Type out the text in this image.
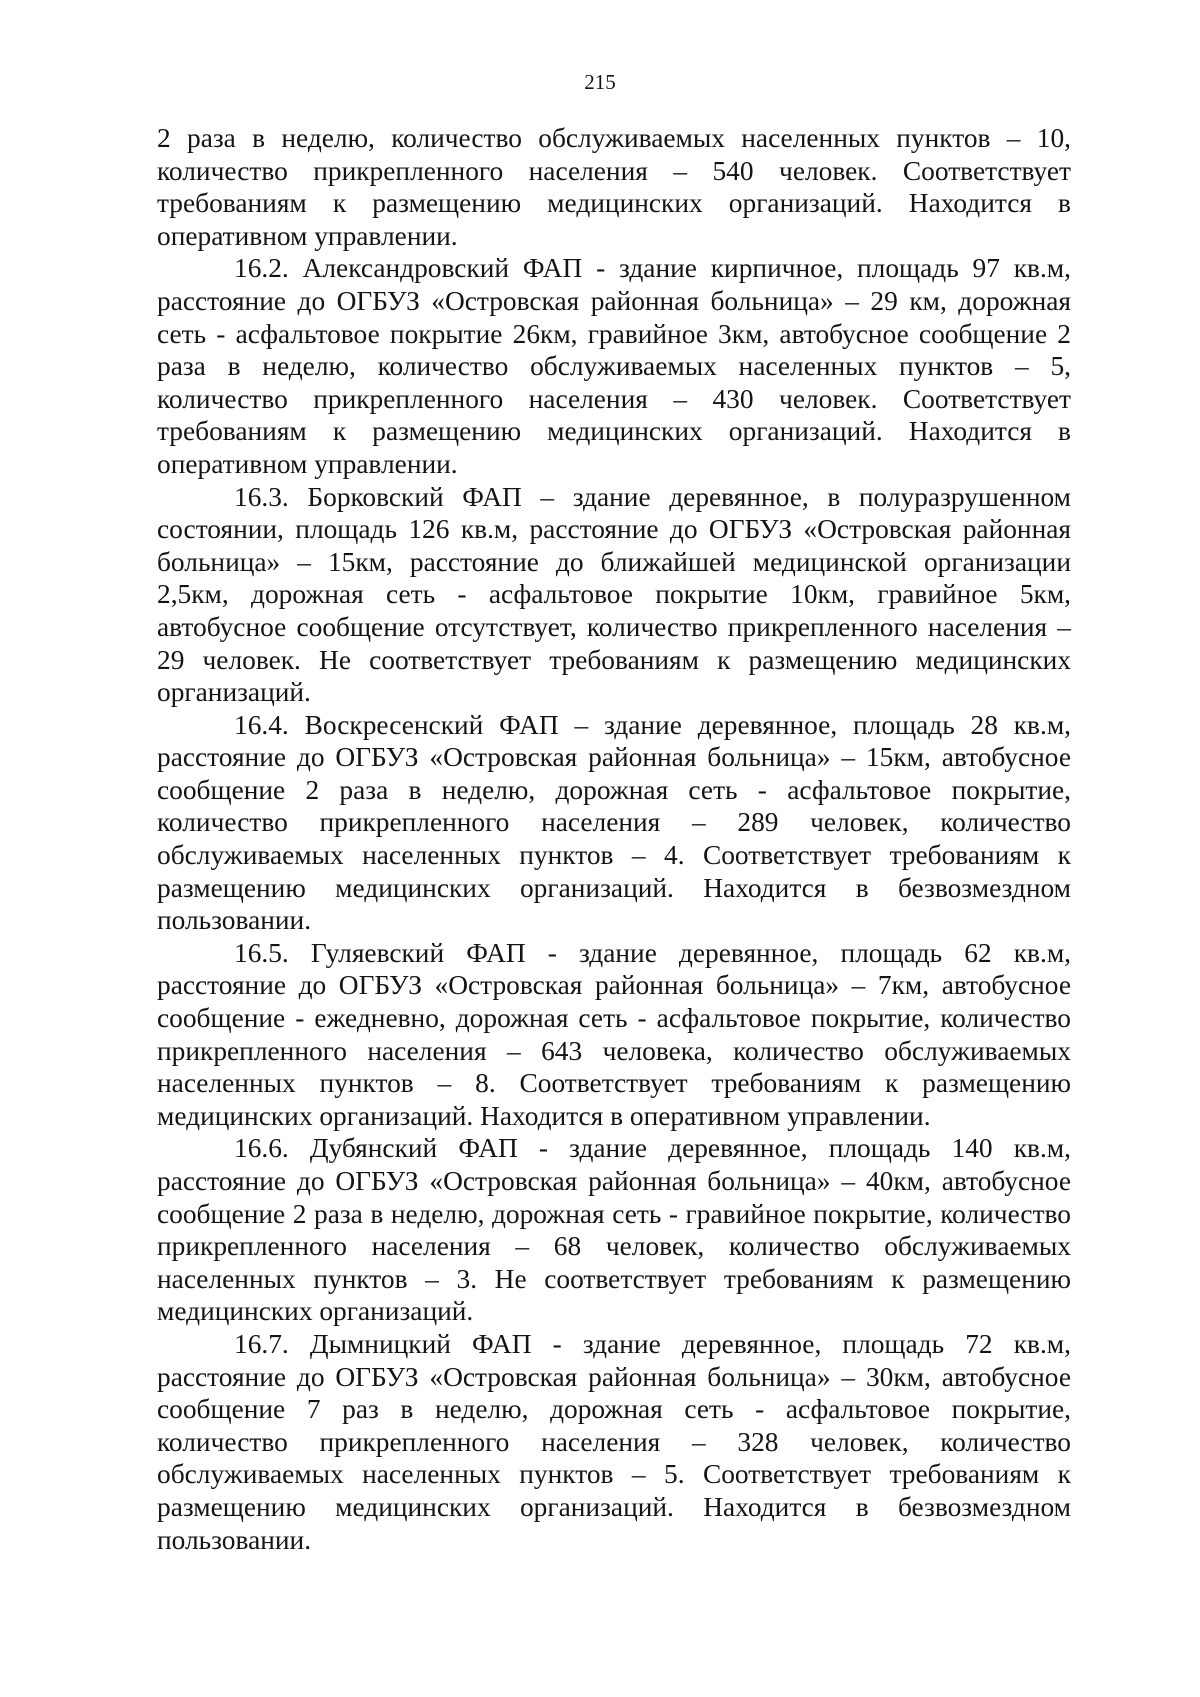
215

2 раза в неделю, количество обслуживаемых населенных пунктов – 10, количество прикрепленного населения – 540 человек. Соответствует требованиям к размещению медицинских организаций. Находится в оперативном управлении.

16.2. Александровский ФАП - здание кирпичное, площадь 97 кв.м, расстояние до ОГБУЗ «Островская районная больница» – 29 км, дорожная сеть - асфальтовое покрытие 26км, гравийное 3км, автобусное сообщение 2 раза в неделю, количество обслуживаемых населенных пунктов – 5, количество прикрепленного населения – 430 человек. Соответствует требованиям к размещению медицинских организаций. Находится в оперативном управлении.

16.3. Борковский ФАП – здание деревянное, в полуразрушенном состоянии, площадь 126 кв.м, расстояние до ОГБУЗ «Островская районная больница» – 15км, расстояние до ближайшей медицинской организации 2,5км, дорожная сеть - асфальтовое покрытие 10км, гравийное 5км, автобусное сообщение отсутствует, количество прикрепленного населения –29 человек. Не соответствует требованиям к размещению медицинских организаций.

16.4. Воскресенский ФАП – здание деревянное, площадь 28 кв.м, расстояние до ОГБУЗ «Островская районная больница» – 15км, автобусное сообщение 2 раза в неделю, дорожная сеть - асфальтовое покрытие, количество прикрепленного населения – 289 человек, количество обслуживаемых населенных пунктов – 4. Соответствует требованиям к размещению медицинских организаций. Находится в безвозмездном пользовании.

16.5. Гуляевский ФАП - здание деревянное, площадь 62 кв.м, расстояние до ОГБУЗ «Островская районная больница» – 7км, автобусное сообщение - ежедневно, дорожная сеть - асфальтовое покрытие, количество прикрепленного населения – 643 человека, количество обслуживаемых населенных пунктов – 8. Соответствует требованиям к размещению медицинских организаций. Находится в оперативном управлении.

16.6. Дубянский ФАП - здание деревянное, площадь 140 кв.м, расстояние до ОГБУЗ «Островская районная больница» – 40км, автобусное сообщение 2 раза в неделю, дорожная сеть - гравийное покрытие, количество прикрепленного населения – 68 человек, количество обслуживаемых населенных пунктов – 3. Не соответствует требованиям к размещению медицинских организаций.

16.7. Дымницкий ФАП - здание деревянное, площадь 72 кв.м, расстояние до ОГБУЗ «Островская районная больница» – 30км, автобусное сообщение 7 раз в неделю, дорожная сеть - асфальтовое покрытие, количество прикрепленного населения – 328 человек, количество обслуживаемых населенных пунктов – 5. Соответствует требованиям к размещению медицинских организаций. Находится в безвозмездном пользовании.
